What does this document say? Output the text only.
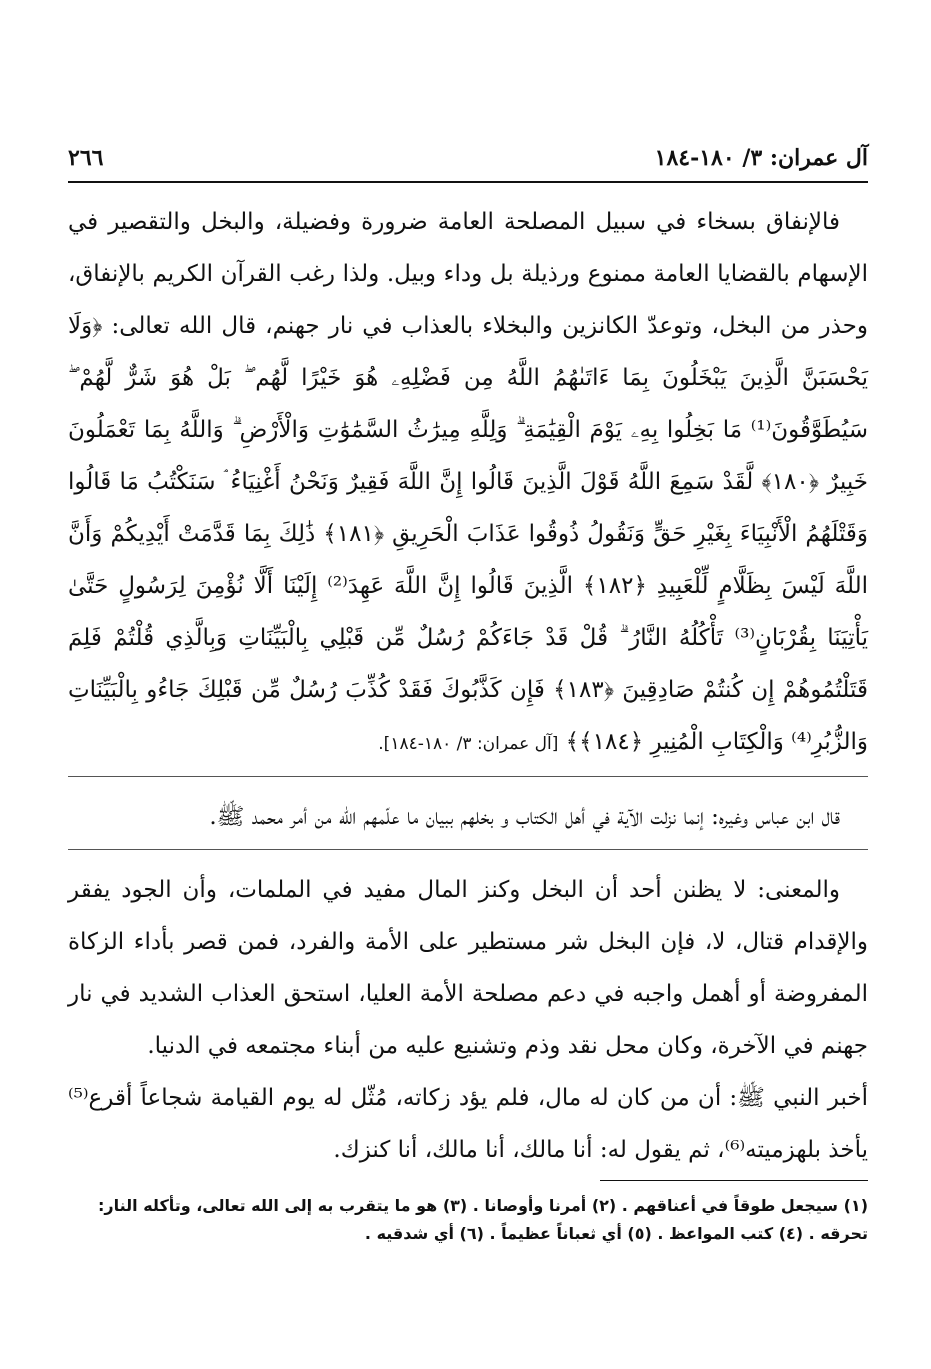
آل عمران: ٣/ ١٨٠-١٨٤
٢٦٦

فالإنفاق بسخاء في سبيل المصلحة العامة ضرورة وفضيلة، والبخل والتقصير في الإسهام بالقضايا العامة ممنوع ورذيلة بل وداء وبيل. ولذا رغب القرآن الكريم بالإنفاق، وحذر من البخل، وتوعدّ الكانزين والبخلاء بالعذاب في نار جهنم، قال الله تعالى: ﴿وَلَا يَحْسَبَنَّ الَّذِينَ يَبْخَلُونَ بِمَا ءَاتَىٰهُمُ اللَّهُ مِن فَضْلِهِۦ هُوَ خَيْرًا لَّهُم ۖ بَلْ هُوَ شَرٌّ لَّهُمْ ۖ سَيُطَوَّقُونَ⁽¹⁾ مَا بَخِلُوا بِهِۦ يَوْمَ الْقِيَٰمَةِ ۗ وَلِلَّهِ مِيرَٰثُ السَّمَٰوَٰتِ وَالْأَرْضِ ۗ وَاللَّهُ بِمَا تَعْمَلُونَ خَبِيرٌ ﴿١٨٠﴾ لَّقَدْ سَمِعَ اللَّهُ قَوْلَ الَّذِينَ قَالُوا إِنَّ اللَّهَ فَقِيرٌ وَنَحْنُ أَغْنِيَاءُ ۘ سَنَكْتُبُ مَا قَالُوا وَقَتْلَهُمُ الْأَنْبِيَاءَ بِغَيْرِ حَقٍّ وَنَقُولُ ذُوقُوا عَذَابَ الْحَرِيقِ ﴿١٨١﴾ ذَٰلِكَ بِمَا قَدَّمَتْ أَيْدِيكُمْ وَأَنَّ اللَّهَ لَيْسَ بِظَلَّامٍ لِّلْعَبِيدِ ﴿١٨٢﴾ الَّذِينَ قَالُوا إِنَّ اللَّهَ عَهِدَ⁽²⁾ إِلَيْنَا أَلَّا نُؤْمِنَ لِرَسُولٍ حَتَّىٰ يَأْتِيَنَا بِقُرْبَانٍ⁽³⁾ تَأْكُلُهُ النَّارُ ۗ قُلْ قَدْ جَاءَكُمْ رُسُلٌ مِّن قَبْلِي بِالْبَيِّنَاتِ وَبِالَّذِي قُلْتُمْ فَلِمَ قَتَلْتُمُوهُمْ إِن كُنتُمْ صَادِقِينَ ﴿١٨٣﴾ فَإِن كَذَّبُوكَ فَقَدْ كُذِّبَ رُسُلٌ مِّن قَبْلِكَ جَاءُو بِالْبَيِّنَاتِ وَالزُّبُرِ⁽⁴⁾ وَالْكِتَابِ الْمُنِيرِ ﴿١٨٤﴾﴾ [آل عمران: ٣/ ١٨٠-١٨٤].

قال ابن عباس وغيره: إنما نزلت الآية في أهل الكتاب و بخلهم ببيان ما علّمهم الله من أمر محمد ﷺ.

والمعنى: لا يظنن أحد أن البخل وكنز المال مفيد في الملمات، وأن الجود يفقر والإقدام قتال، لا، فإن البخل شر مستطير على الأمة والفرد، فمن قصر بأداء الزكاة المفروضة أو أهمل واجبه في دعم مصلحة الأمة العليا، استحق العذاب الشديد في نار جهنم في الآخرة، وكان محل نقد وذم وتشنيع عليه من أبناء مجتمعه في الدنيا.

أخبر النبي ﷺ: أن من كان له مال، فلم يؤد زكاته، مُثّل له يوم القيامة شجاعاً أقرع⁽⁵⁾ يأخذ بلهزميته⁽⁶⁾، ثم يقول له: أنا مالك، أنا مالك، أنا كنزك.

(١) سيجعل طوقاً في أعناقهم . (٢) أمرنا وأوصانا . (٣) هو ما يتقرب به إلى الله تعالى، وتأكله النار:
تحرقه . (٤) كتب المواعظ . (٥) أي ثعباناً عظيماً . (٦) أي شدقيه .
